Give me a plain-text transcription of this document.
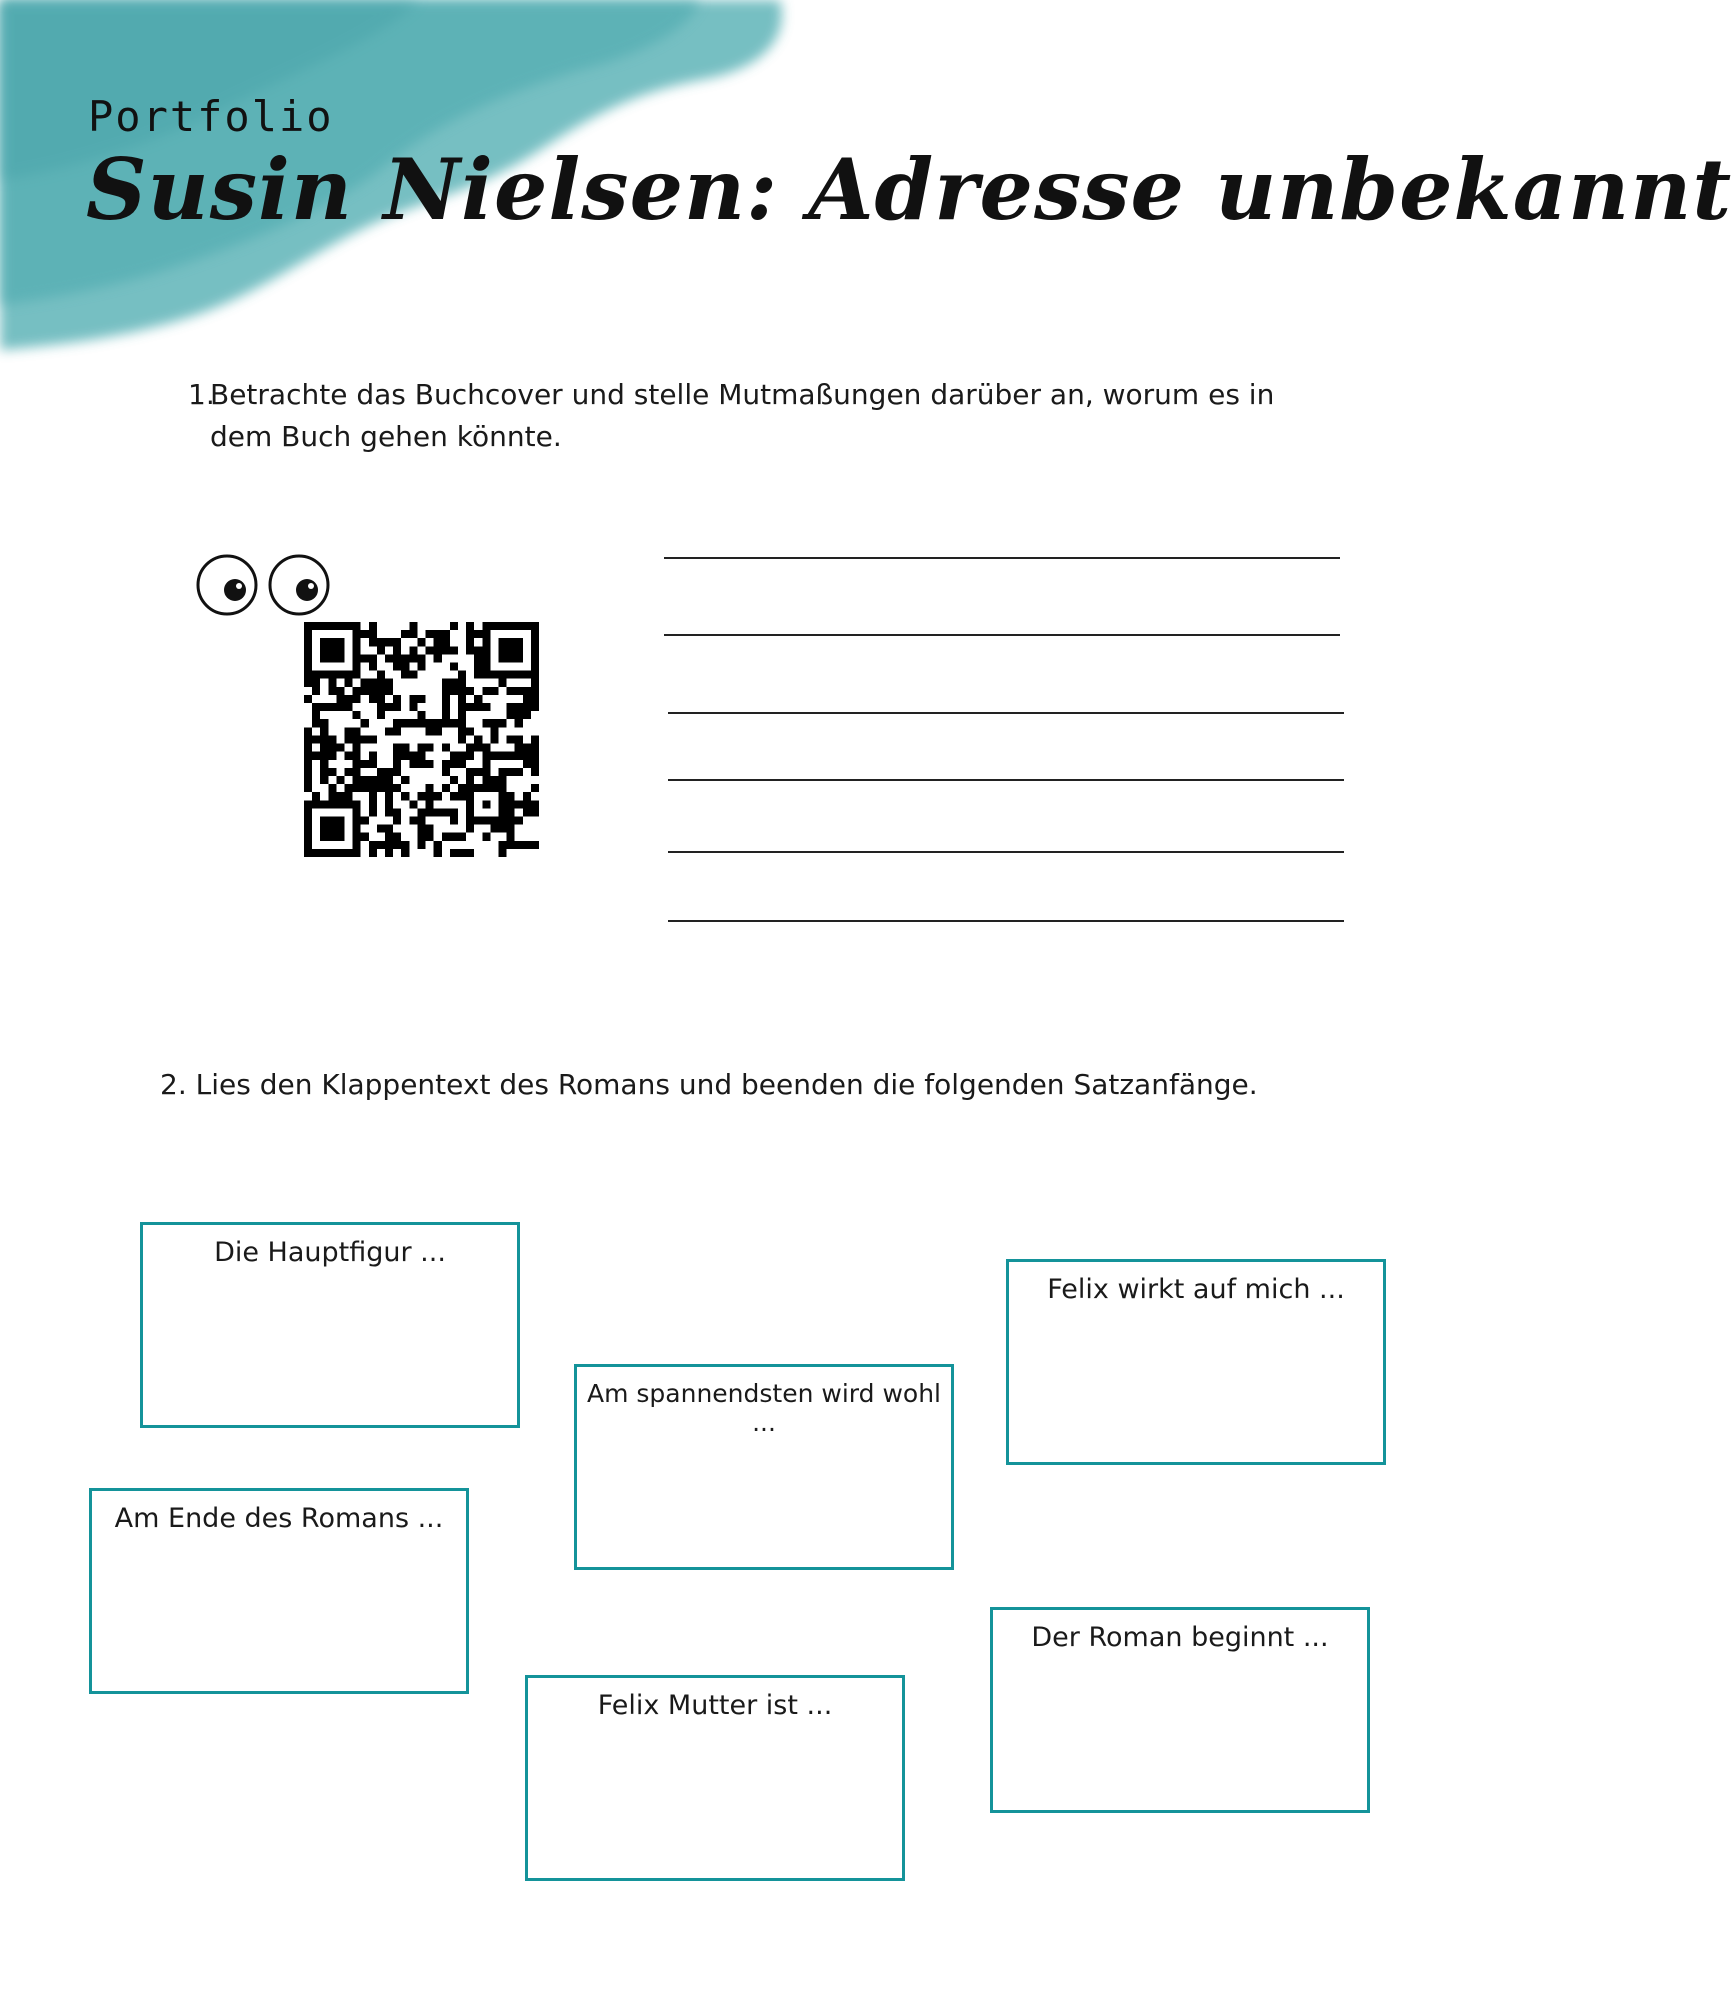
Portfolio
Susin Nielsen: Adresse unbekannt
1.
Betrachte das Buchcover und stelle Mutmaßungen darüber an, worum es in dem Buch gehen könnte.
2. Lies den Klappentext des Romans und beenden die folgenden Satzanfänge.
Die Hauptfigur ...
Felix wirkt auf mich ...
Am spannendsten wird wohl ...
Am Ende des Romans ...
Der Roman beginnt ...
Felix Mutter ist ...
